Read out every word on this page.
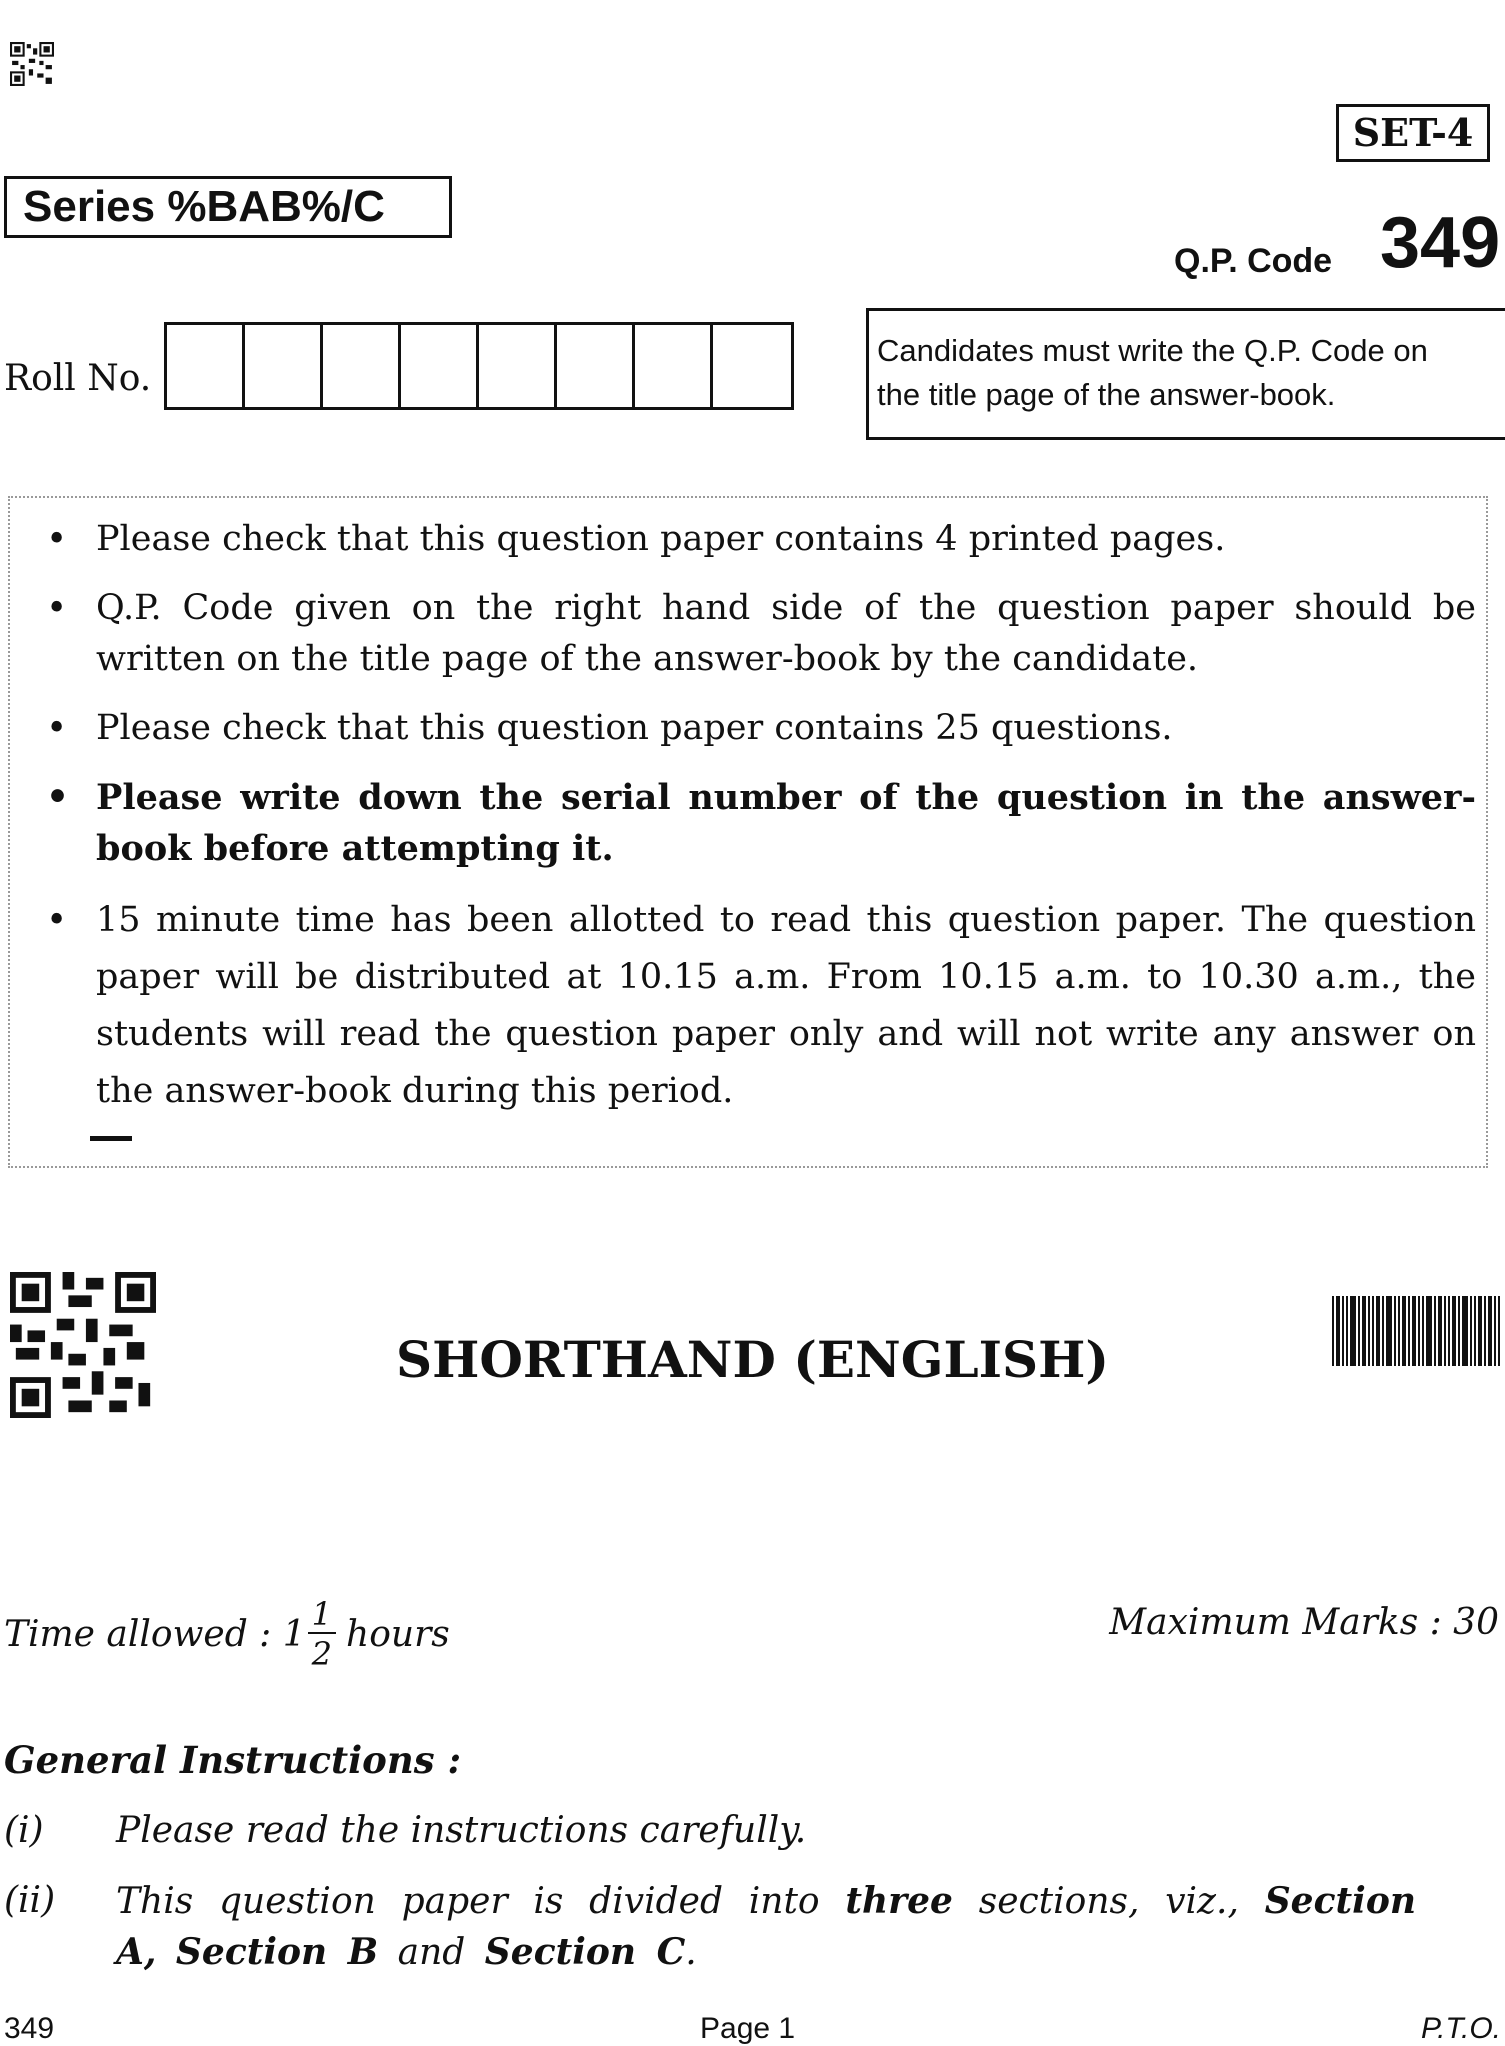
SET-4
Series %BAB%/C
Q.P. Code 349
Roll No.
Candidates must write the Q.P. Code on
the title page of the answer-book.
• Please check that this question paper contains 4 printed pages.
• Q.P. Code given on the right hand side of the question paper should be written on the title page of the answer-book by the candidate.
• Please check that this question paper contains 25 questions.
• Please write down the serial number of the question in the answer-book before attempting it.
• 15 minute time has been allotted to read this question paper. The question paper will be distributed at 10.15 a.m. From 10.15 a.m. to 10.30 a.m., the students will read the question paper only and will not write any answer on the answer-book during this period.
SHORTHAND (ENGLISH)
Time allowed : $1 \frac{1}{2}$ hours	Maximum Marks : 30
General Instructions :
(i) Please read the instructions carefully.
(ii) This question paper is divided into three sections, viz., Section A, Section B and Section C.
349	Page 1	P.T.O.
